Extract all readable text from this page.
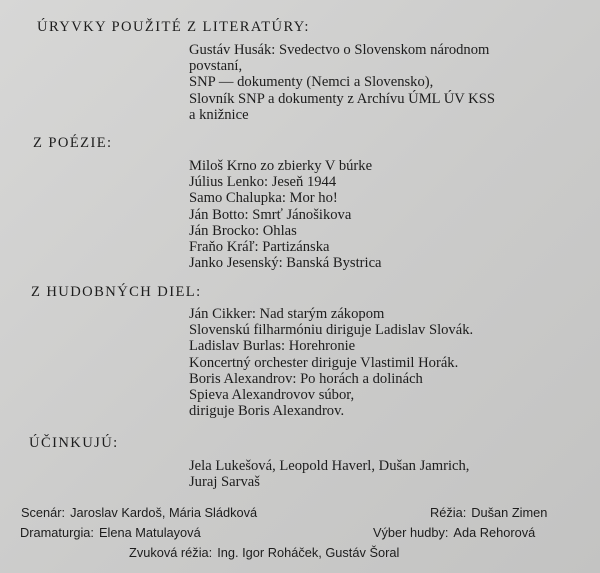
ÚRYVKY POUŽITÉ Z LITERATÚRY:
Gustáv Husák: Svedectvo o Slovenskom národnom
povstaní,
SNP — dokumenty (Nemci a Slovensko),
Slovník SNP a dokumenty z Archívu ÚML ÚV KSS
a knižnice
Z POÉZIE:
Miloš Krno zo zbierky V búrke
Július Lenko: Jeseň 1944
Samo Chalupka: Mor ho!
Ján Botto: Smrť Jánošikova
Ján Brocko: Ohlas
Fraňo Kráľ: Partizánska
Janko Jesenský: Banská Bystrica
Z HUDOBNÝCH DIEL:
Ján Cikker: Nad starým zákopom
Slovenskú filharmóniu diriguje Ladislav Slovák.
Ladislav Burlas: Horehronie
Koncertný orchester diriguje Vlastimil Horák.
Boris Alexandrov: Po horách a dolinách
Spieva Alexandrovov súbor,
diriguje Boris Alexandrov.
ÚČINKUJÚ:
Jela Lukešová, Leopold Haverl, Dušan Jamrich,
Juraj Sarvaš
Scenár: Jaroslav Kardoš, Mária Sládková	Réžia: Dušan Zimen
Dramaturgia: Elena Matulayová	Výber hudby: Ada Rehorová
Zvuková réžia: Ing. Igor Roháček, Gustáv Šoral
